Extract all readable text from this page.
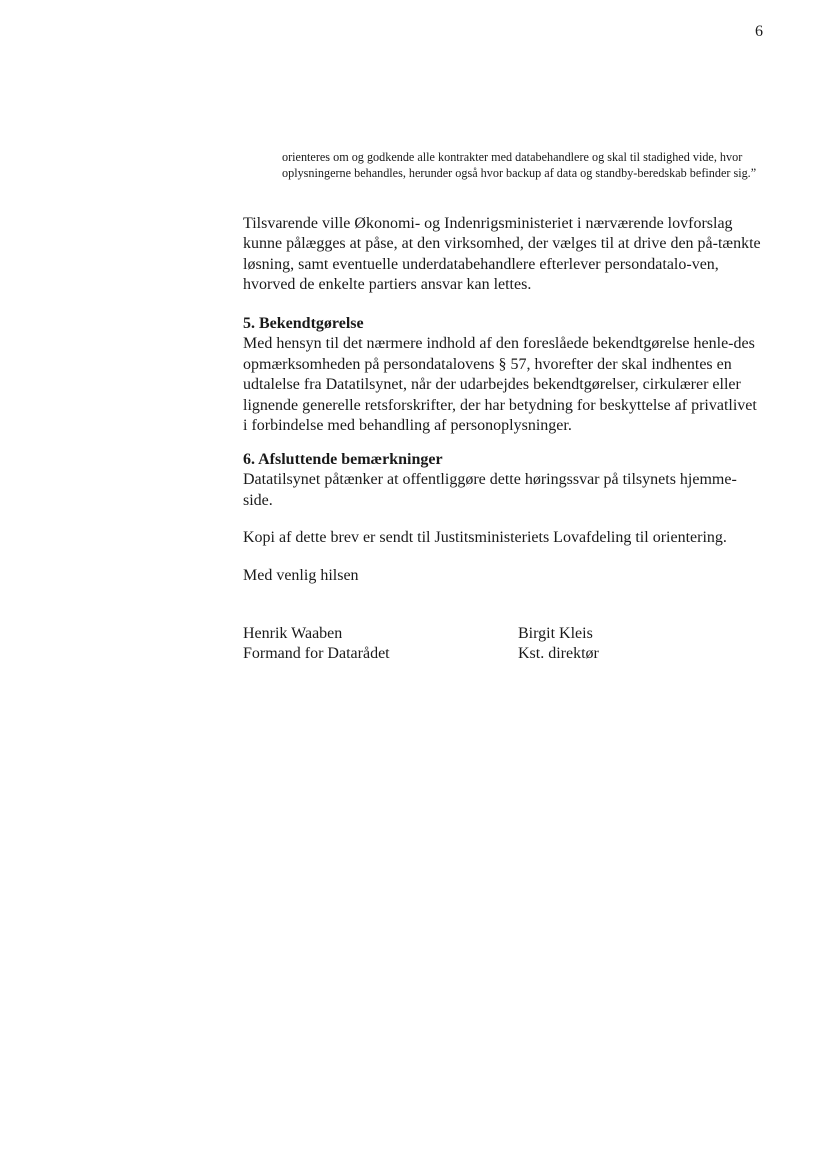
6

orienteres om og godkende alle kontrakter med databehandlere og skal til stadighed vide, hvor oplysningerne behandles, herunder også hvor backup af data og standby-beredskab befinder sig.”

Tilsvarende ville Økonomi- og Indenrigsministeriet i nærværende lovforslag kunne pålægges at påse, at den virksomhed, der vælges til at drive den på-tænkte løsning, samt eventuelle underdatabehandlere efterlever persondatalo-ven, hvorved de enkelte partiers ansvar kan lettes.

5. Bekendtgørelse
Med hensyn til det nærmere indhold af den foreslåede bekendtgørelse henle-des opmærksomheden på persondatalovens § 57, hvorefter der skal indhentes en udtalelse fra Datatilsynet, når der udarbejdes bekendtgørelser, cirkulærer eller lignende generelle retsforskrifter, der har betydning for beskyttelse af privatlivet i forbindelse med behandling af personoplysninger.
6. Afsluttende bemærkninger
Datatilsynet påtænker at offentliggøre dette høringssvar på tilsynets hjemme-side.

Kopi af dette brev er sendt til Justitsministeriets Lovafdeling til orientering.

Med venlig hilsen

Henrik Waaben
Formand for Datarådet
Birgit Kleis
Kst. direktør
